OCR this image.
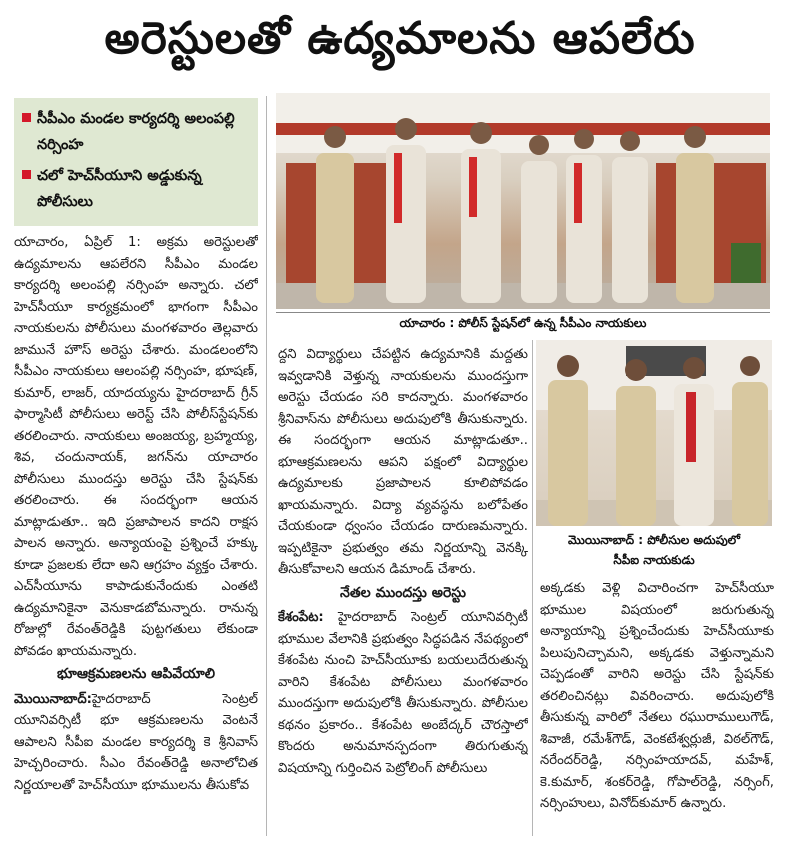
అరెస్టులతో ఉద్యమాలను ఆపలేరు
సీపీఎం మండల కార్యదర్శి అలంపల్లి నర్సింహ
చలో హెచ్‌సీయూని అడ్డుకున్న పోలీసులు

యాచారం, ఏప్రిల్ 1: అక్రమ అరెస్టులతో ఉద్యమాలను ఆపలేరని సీపీఎం మండల కార్యదర్శి అలంపల్లి నర్సింహ అన్నారు. చలో హెచ్‌సీయూ కార్యక్రమంలో భాగంగా సీపీఎం నాయకులను పోలీసులు మంగళవారం తెల్లవారు జామునే హౌస్ అరెస్టు చేశారు. మండలంలోని సీపీఎం నాయకులు ఆలంపల్లి నర్సింహ, భూషణ్, కుమార్, లాజర్, యాదయ్యను హైదరాబాద్ గ్రీన్ ఫార్మాసిటీ పోలీసులు అరెస్ట్ చేసి పోలీస్‌స్టేషన్‌కు తరలించారు. నాయకులు అంజయ్య, బ్రహ్మయ్య, శివ, చందునాయక్, జగన్‌ను యాచారం పోలీసులు ముందస్తు అరెస్టు చేసి స్టేషన్‌కు తరలించారు. ఈ సందర్భంగా ఆయన మాట్లాడుతూ.. ఇది ప్రజాపాలన కాదని రాక్షస పాలన అన్నారు. అన్యాయంపై ప్రశ్నించే హక్కు కూడా ప్రజలకు లేదా అని ఆగ్రహం వ్యక్తం చేశారు. ఎచ్‌సీయూను కాపాడుకునేందుకు ఎంతటి ఉద్యమానికైనా వెనుకాడబోమన్నారు. రానున్న రోజుల్లో రేవంత్‌రెడ్డికి పుట్టగతులు లేకుండా పోవడం ఖాయమన్నారు.

భూఆక్రమణలను ఆపివేయాలి

మొయినాబాద్:హైదరాబాద్ సెంట్రల్ యూనివర్సిటీ భూ ఆక్రమణలను వెంటనే ఆపాలని సీపీఐ మండల కార్యదర్శి కె శ్రీనివాస్ హెచ్చరించారు. సీఎం రేవంత్‌రెడ్డి అనాలోచిత నిర్ణయాలతో హెచ్‌సీయూ భూములను తీసుకోవ

యాచారం : పోలీస్ స్టేషన్‌లో ఉన్న సీపీఎం నాయకులు

ద్దని విద్యార్థులు చేపట్టిన ఉద్యమానికి మద్దతు ఇవ్వడానికి వెళ్తున్న నాయకులను ముందస్తుగా అరెస్టు చేయడం సరి కాదన్నారు. మంగళవారం శ్రీనివాస్‌ను పోలీసులు అదుపులోకి తీసుకున్నారు. ఈ సందర్భంగా ఆయన మాట్లాడుతూ.. భూఆక్రమణలను ఆపని పక్షంలో విద్యార్థుల ఉద్యమాలకు ప్రజాపాలన కూలిపోవడం ఖాయమన్నారు. విద్యా వ్యవస్థను బలోపేతం చేయకుండా ధ్వంసం చేయడం దారుణమన్నారు. ఇప్పటికైనా ప్రభుత్వం తమ నిర్ణయాన్ని వెనక్కి తీసుకోవాలని ఆయన డిమాండ్ చేశారు.

నేతల ముందస్తు అరెస్టు

కేశంపేట: హైదరాబాద్ సెంట్రల్ యూనివర్సిటీ భూముల వేలానికి ప్రభుత్వం సిద్ధపడిన నేపథ్యంలో కేశంపేట నుంచి హెచ్‌సీయూకు బయలుదేరుతున్న వారిని కేశంపేట పోలీసులు మంగళవారం ముందస్తుగా అదుపులోకి తీసుకున్నారు. పోలీసుల కథనం ప్రకారం.. కేశంపేట అంబేద్కర్ చౌరస్తాలో కొందరు అనుమానస్పదంగా తిరుగుతున్న విషయాన్ని గుర్తించిన పెట్రోలింగ్ పోలీసులు

మొయినాబాద్ : పోలీసుల అదుపులో
సీపీఐ నాయకుడు

అక్కడకు వెళ్లి విచారించగా హెచ్‌సీయూ భూముల విషయంలో జరుగుతున్న అన్యాయాన్ని ప్రశ్నించేందుకు హెచ్‌సీయూకు పిలుపునిచ్చామని, అక్కడకు వెళ్తున్నామని చెప్పడంతో వారిని అరెస్టు చేసి స్టేషన్‌కు తరలించినట్లు వివరించారు. అదుపులోకి తీసుకున్న వారిలో నేతలు రఘురాములుగౌడ్, శివాజీ, రమేశ్‌గౌడ్, వెంకటేశ్వర్లుజీ, విఠల్‌గౌడ్, నరేందర్‌రెడ్డి, నర్సింహయాదవ్, మహేశ్, కె.కుమార్, శంకర్‌రెడ్డి, గోపాల్‌రెడ్డి, నర్సింగ్, నర్సింహులు, వినోద్‌కుమార్ ఉన్నారు.
